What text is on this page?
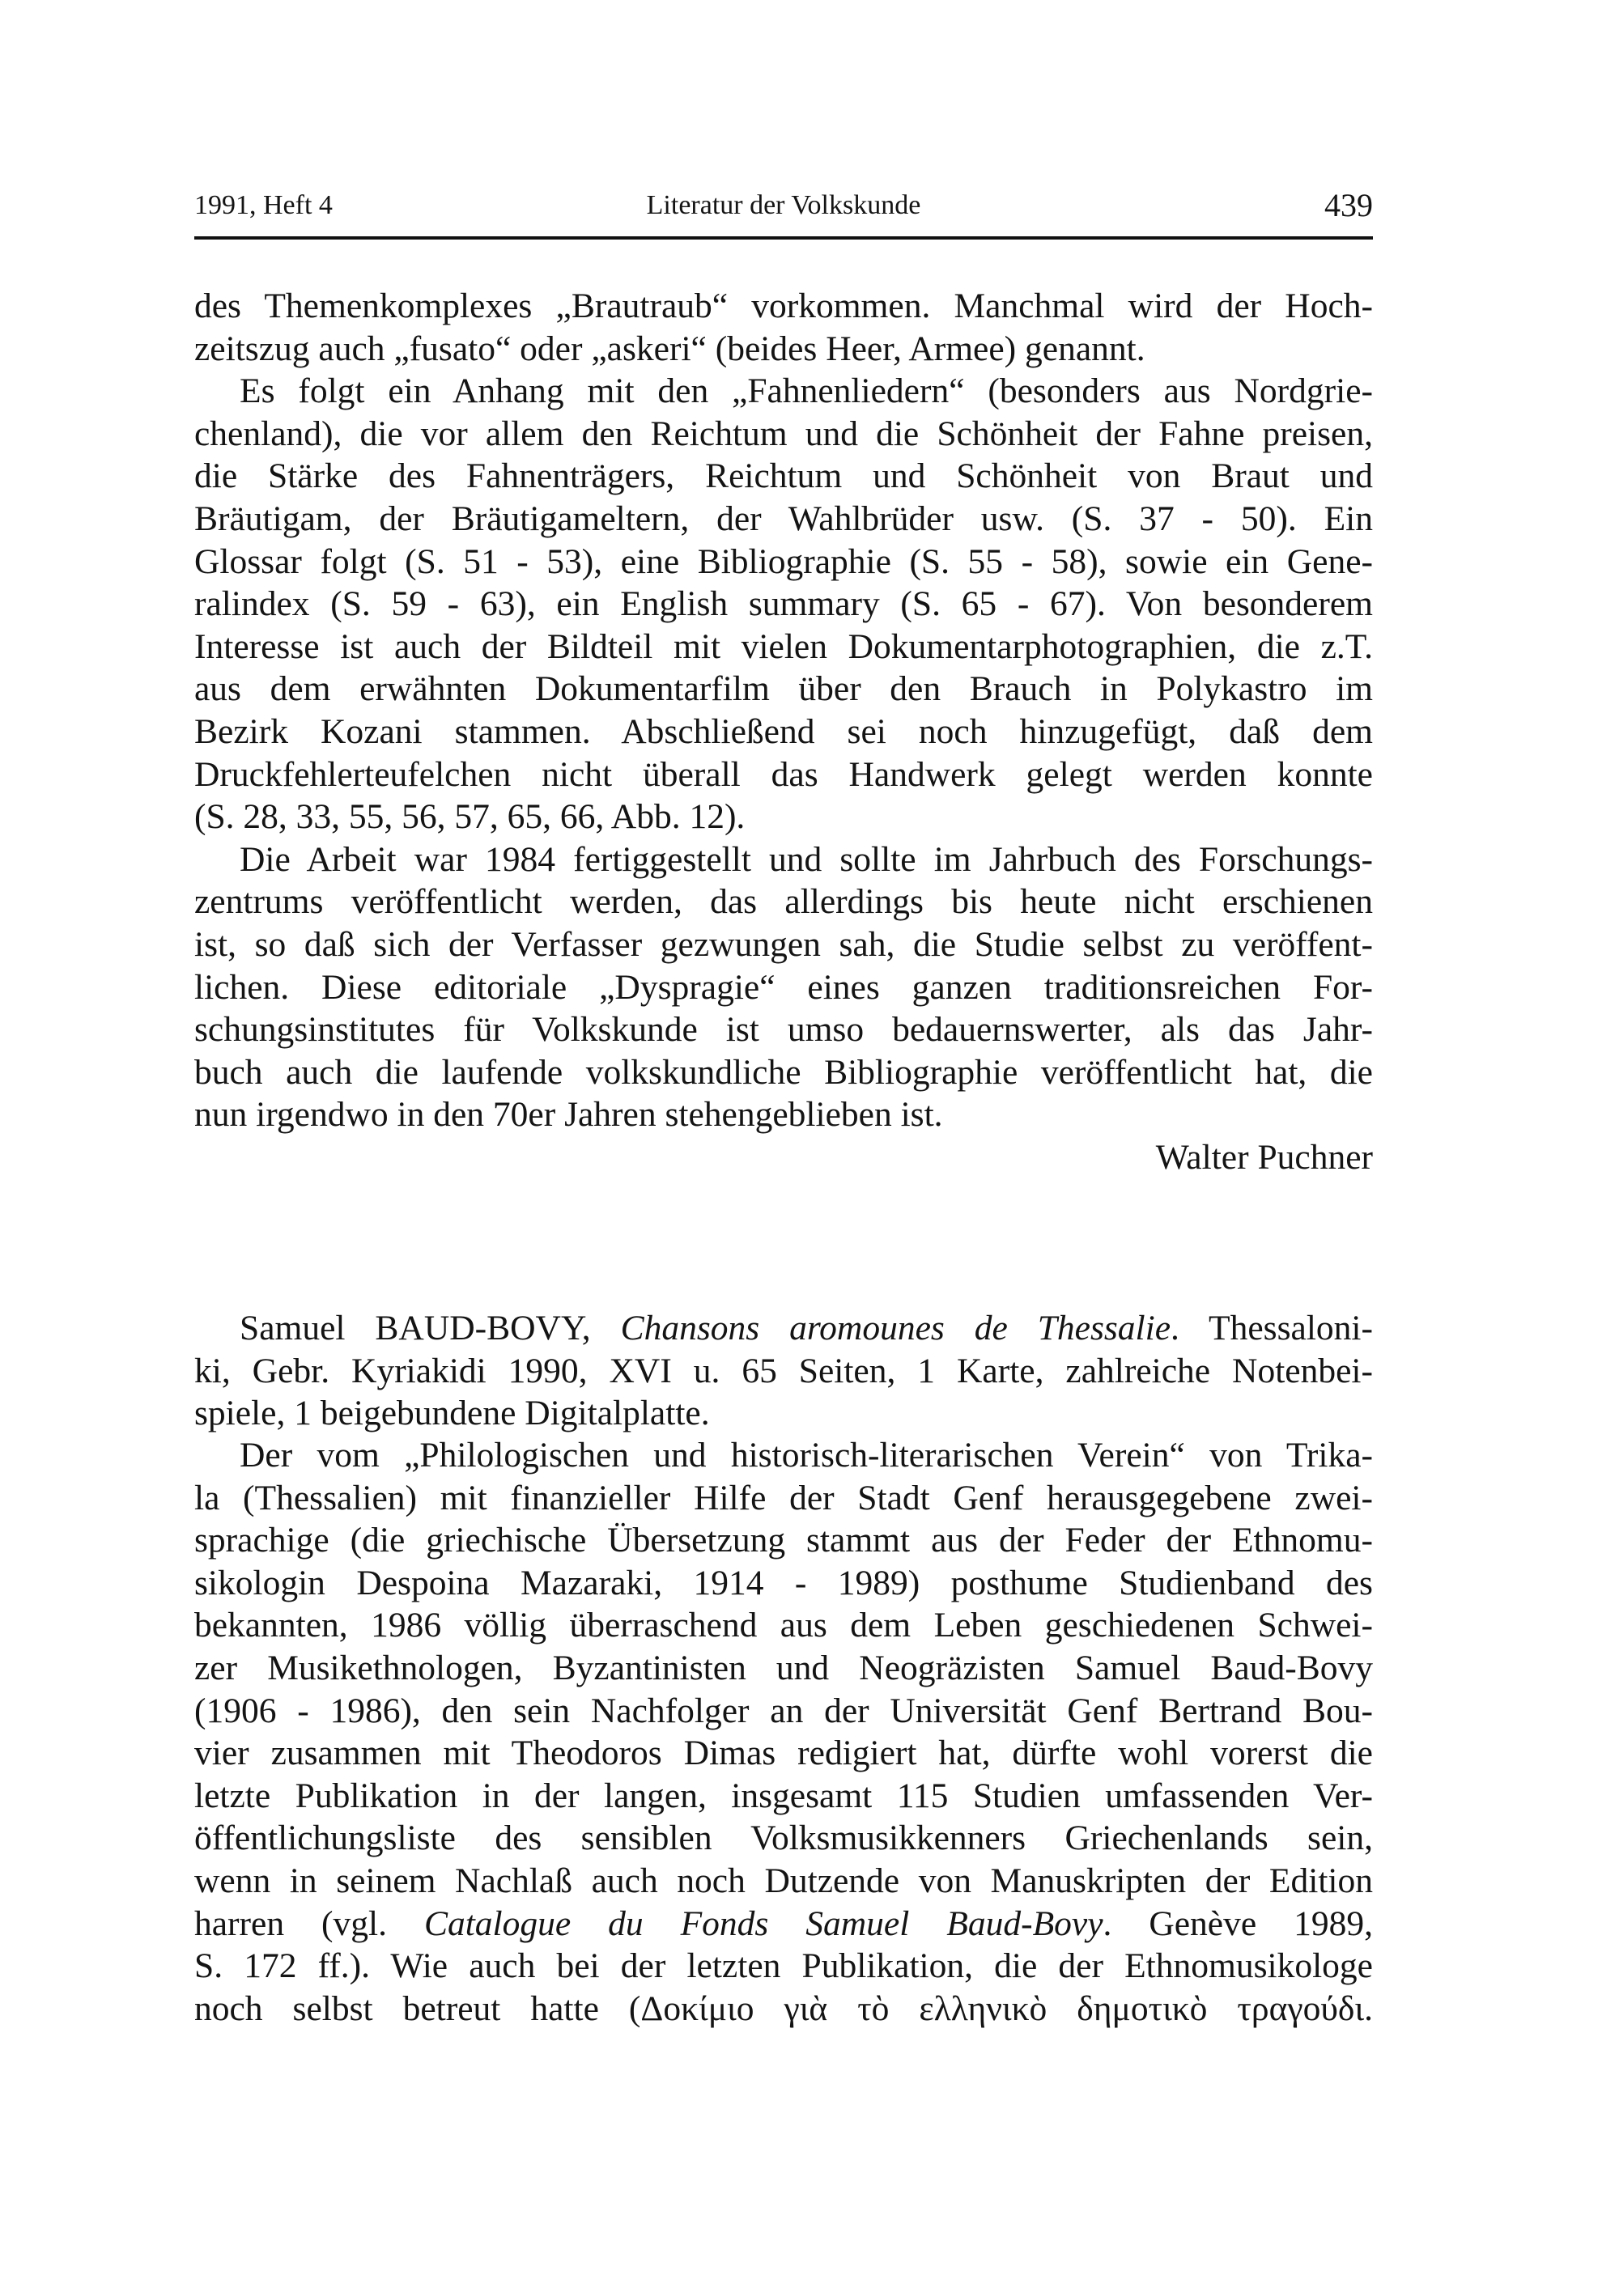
1991, Heft 4	Literatur der Volkskunde	439
des Themenkomplexes „Brautraub“ vorkommen. Manchmal wird der Hoch-
zeitszug auch „fusato“ oder „askeri“ (beides Heer, Armee) genannt.
Es folgt ein Anhang mit den „Fahnenliedern“ (besonders aus Nordgrie-
chenland), die vor allem den Reichtum und die Schönheit der Fahne preisen,
die Stärke des Fahnenträgers, Reichtum und Schönheit von Braut und
Bräutigam, der Bräutigameltern, der Wahlbrüder usw. (S. 37 - 50). Ein
Glossar folgt (S. 51 - 53), eine Bibliographie (S. 55 - 58), sowie ein Gene-
ralindex (S. 59 - 63), ein English summary (S. 65 - 67). Von besonderem
Interesse ist auch der Bildteil mit vielen Dokumentarphotographien, die z.T.
aus dem erwähnten Dokumentarfilm über den Brauch in Polykastro im
Bezirk Kozani stammen. Abschließend sei noch hinzugefügt, daß dem
Druckfehlerteufelchen nicht überall das Handwerk gelegt werden konnte
(S. 28, 33, 55, 56, 57, 65, 66, Abb. 12).
Die Arbeit war 1984 fertiggestellt und sollte im Jahrbuch des Forschungs-
zentrums veröffentlicht werden, das allerdings bis heute nicht erschienen
ist, so daß sich der Verfasser gezwungen sah, die Studie selbst zu veröffent-
lichen. Diese editoriale „Dyspragie“ eines ganzen traditionsreichen For-
schungsinstitutes für Volkskunde ist umso bedauernswerter, als das Jahr-
buch auch die laufende volkskundliche Bibliographie veröffentlicht hat, die
nun irgendwo in den 70er Jahren stehengeblieben ist.
Walter Puchner
Samuel BAUD-BOVY, Chansons aromounes de Thessalie. Thessaloni-
ki, Gebr. Kyriakidi 1990, XVI u. 65 Seiten, 1 Karte, zahlreiche Notenbei-
spiele, 1 beigebundene Digitalplatte.
Der vom „Philologischen und historisch-literarischen Verein“ von Trika-
la (Thessalien) mit finanzieller Hilfe der Stadt Genf herausgegebene zwei-
sprachige (die griechische Übersetzung stammt aus der Feder der Ethnomu-
sikologin Despoina Mazaraki, 1914 - 1989) posthume Studienband des
bekannten, 1986 völlig überraschend aus dem Leben geschiedenen Schwei-
zer Musikethnologen, Byzantinisten und Neogräzisten Samuel Baud-Bovy
(1906 - 1986), den sein Nachfolger an der Universität Genf Bertrand Bou-
vier zusammen mit Theodoros Dimas redigiert hat, dürfte wohl vorerst die
letzte Publikation in der langen, insgesamt 115 Studien umfassenden Ver-
öffentlichungsliste des sensiblen Volksmusikkenners Griechenlands sein,
wenn in seinem Nachlaß auch noch Dutzende von Manuskripten der Edition
harren (vgl. Catalogue du Fonds Samuel Baud-Bovy. Genève 1989,
S. 172 ff.). Wie auch bei der letzten Publikation, die der Ethnomusikologe
noch selbst betreut hatte (Δοκίμιο γιὰ τὸ ελληνικὸ δημοτικὸ τραγούδι.
